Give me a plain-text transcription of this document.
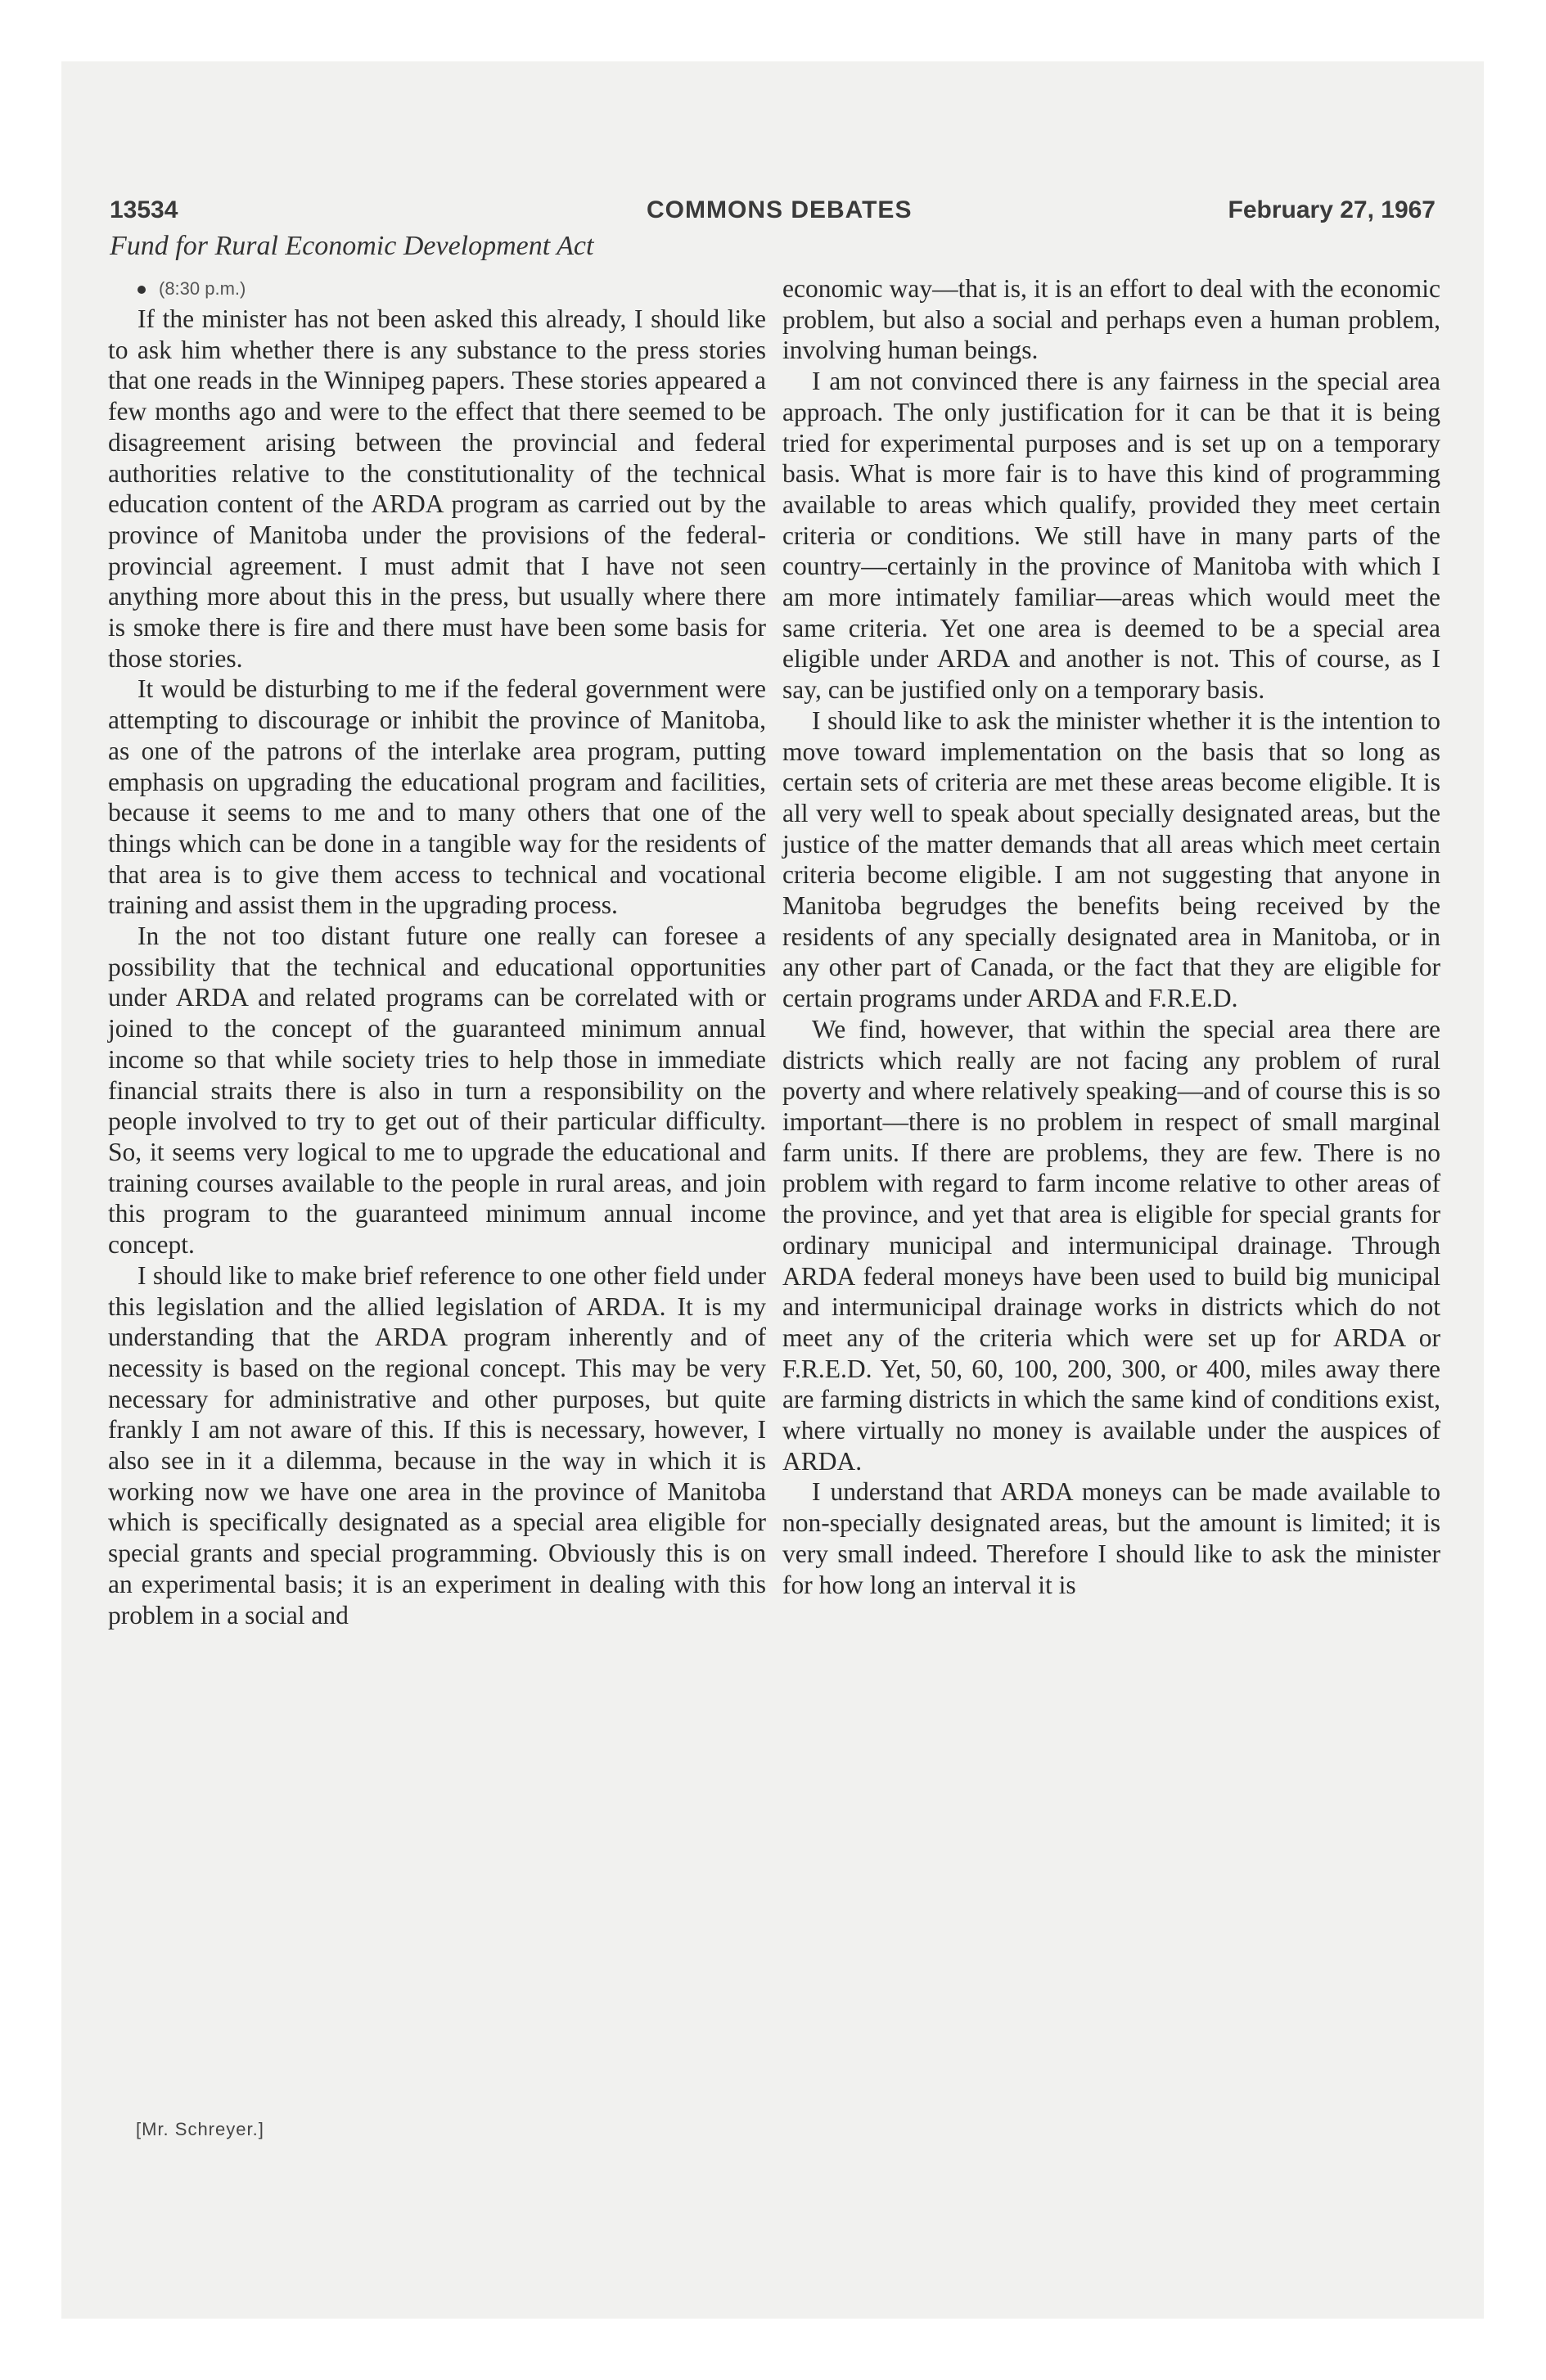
13534	COMMONS DEBATES	February 27, 1967
Fund for Rural Economic Development Act

(8:30 p.m.)

If the minister has not been asked this already, I should like to ask him whether there is any substance to the press stories that one reads in the Winnipeg papers. These stories appeared a few months ago and were to the effect that there seemed to be disagreement arising between the provincial and federal authorities relative to the constitutionality of the technical education content of the ARDA program as carried out by the province of Manitoba under the provisions of the federal-provincial agreement. I must admit that I have not seen anything more about this in the press, but usually where there is smoke there is fire and there must have been some basis for those stories.

It would be disturbing to me if the federal government were attempting to discourage or inhibit the province of Manitoba, as one of the patrons of the interlake area program, putting emphasis on upgrading the educational program and facilities, because it seems to me and to many others that one of the things which can be done in a tangible way for the residents of that area is to give them access to technical and vocational training and assist them in the upgrading process.

In the not too distant future one really can foresee a possibility that the technical and educational opportunities under ARDA and related programs can be correlated with or joined to the concept of the guaranteed minimum annual income so that while society tries to help those in immediate financial straits there is also in turn a responsibility on the people involved to try to get out of their particular difficulty. So, it seems very logical to me to upgrade the educational and training courses available to the people in rural areas, and join this program to the guaranteed minimum annual income concept.

I should like to make brief reference to one other field under this legislation and the allied legislation of ARDA. It is my understanding that the ARDA program inherently and of necessity is based on the regional concept. This may be very necessary for administrative and other purposes, but quite frankly I am not aware of this. If this is necessary, however, I also see in it a dilemma, because in the way in which it is working now we have one area in the province of Manitoba which is specifically designated as a special area eligible for special grants and special programming. Obviously this is on an experimental basis; it is an experiment in dealing with this problem in a social and

economic way—that is, it is an effort to deal with the economic problem, but also a social and perhaps even a human problem, involving human beings.

I am not convinced there is any fairness in the special area approach. The only justification for it can be that it is being tried for experimental purposes and is set up on a temporary basis. What is more fair is to have this kind of programming available to areas which qualify, provided they meet certain criteria or conditions. We still have in many parts of the country—certainly in the province of Manitoba with which I am more intimately familiar—areas which would meet the same criteria. Yet one area is deemed to be a special area eligible under ARDA and another is not. This of course, as I say, can be justified only on a temporary basis.

I should like to ask the minister whether it is the intention to move toward implementation on the basis that so long as certain sets of criteria are met these areas become eligible. It is all very well to speak about specially designated areas, but the justice of the matter demands that all areas which meet certain criteria become eligible. I am not suggesting that anyone in Manitoba begrudges the benefits being received by the residents of any specially designated area in Manitoba, or in any other part of Canada, or the fact that they are eligible for certain programs under ARDA and F.R.E.D.

We find, however, that within the special area there are districts which really are not facing any problem of rural poverty and where relatively speaking—and of course this is so important—there is no problem in respect of small marginal farm units. If there are problems, they are few. There is no problem with regard to farm income relative to other areas of the province, and yet that area is eligible for special grants for ordinary municipal and intermunicipal drainage. Through ARDA federal moneys have been used to build big municipal and intermunicipal drainage works in districts which do not meet any of the criteria which were set up for ARDA or F.R.E.D. Yet, 50, 60, 100, 200, 300, or 400, miles away there are farming districts in which the same kind of conditions exist, where virtually no money is available under the auspices of ARDA.

I understand that ARDA moneys can be made available to non-specially designated areas, but the amount is limited; it is very small indeed. Therefore I should like to ask the minister for how long an interval it is

[Mr. Schreyer.]
